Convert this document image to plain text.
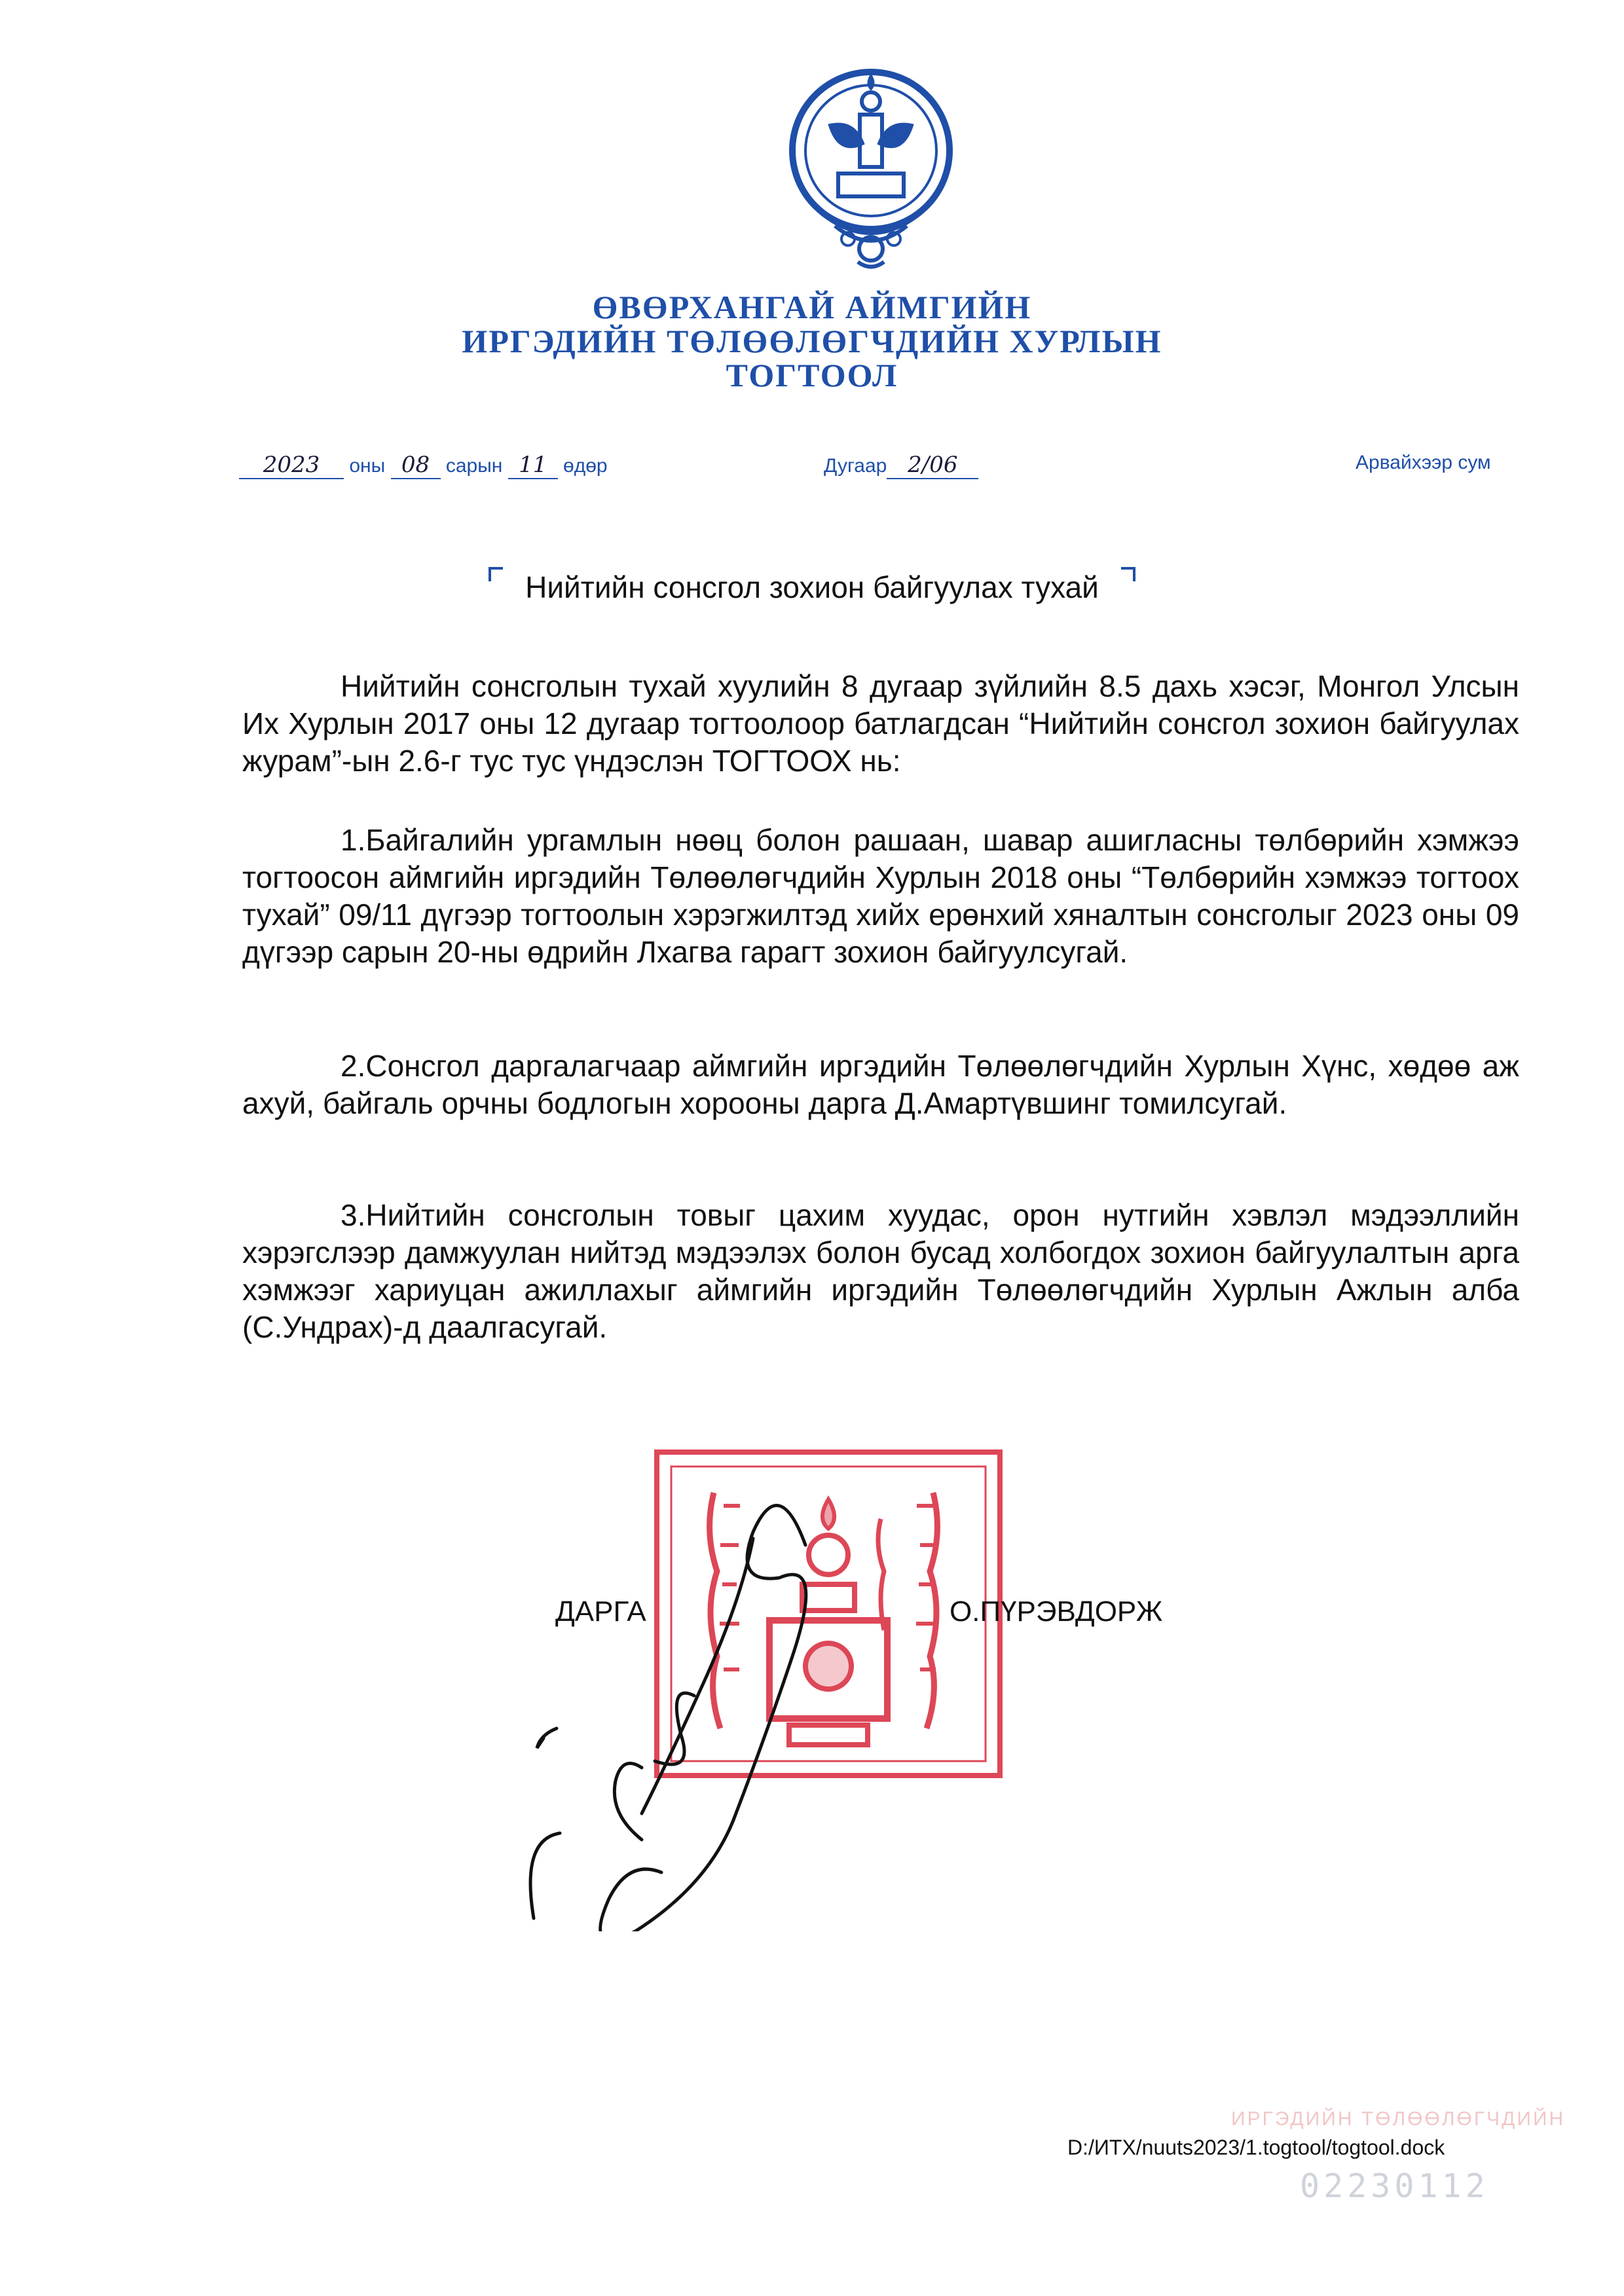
ӨВӨРХАНГАЙ АЙМГИЙН
ИРГЭДИЙН ТӨЛӨӨЛӨГЧДИЙН ХУРЛЫН
ТОГТООЛ
2023 оны 08 сарын 11 өдөр	Дугаар 2/06	Арвайхээр сум
Нийтийн сонсгол зохион байгуулах тухай

Нийтийн сонсголын тухай хуулийн 8 дугаар зүйлийн 8.5 дахь хэсэг, Монгол Улсын Их Хурлын 2017 оны 12 дугаар тогтоолоор батлагдсан “Нийтийн сонсгол зохион байгуулах журам”-ын 2.6-г тус тус үндэслэн ТОГТООХ нь:

1.Байгалийн ургамлын нөөц болон рашаан, шавар ашигласны төлбөрийн хэмжээ тогтоосон аймгийн иргэдийн Төлөөлөгчдийн Хурлын 2018 оны “Төлбөрийн хэмжээ тогтоох тухай” 09/11 дүгээр тогтоолын хэрэгжилтэд хийх ерөнхий хяналтын сонсголыг 2023 оны 09 дүгээр сарын 20-ны өдрийн Лхагва гарагт зохион байгуулсугай.

2.Сонсгол даргалагчаар аймгийн иргэдийн Төлөөлөгчдийн Хурлын Хүнс, хөдөө аж ахуй, байгаль орчны бодлогын хорооны дарга Д.Амартүвшинг томилсугай.

3.Нийтийн сонсголын товыг цахим хуудас, орон нутгийн хэвлэл мэдээллийн хэрэгслээр дамжуулан нийтэд мэдээлэх болон бусад холбогдох зохион байгуулалтын арга хэмжээг хариуцан ажиллахыг аймгийн иргэдийн Төлөөлөгчдийн Хурлын Ажлын алба (С.Ундрах)-д даалгасугай.

ДАРГА	О.ПҮРЭВДОРЖ
ИРГЭДИЙН ТӨЛӨӨЛӨГЧДИЙН
D:/ИТХ/nuuts2023/1.togtool/togtool.dock
02230112
